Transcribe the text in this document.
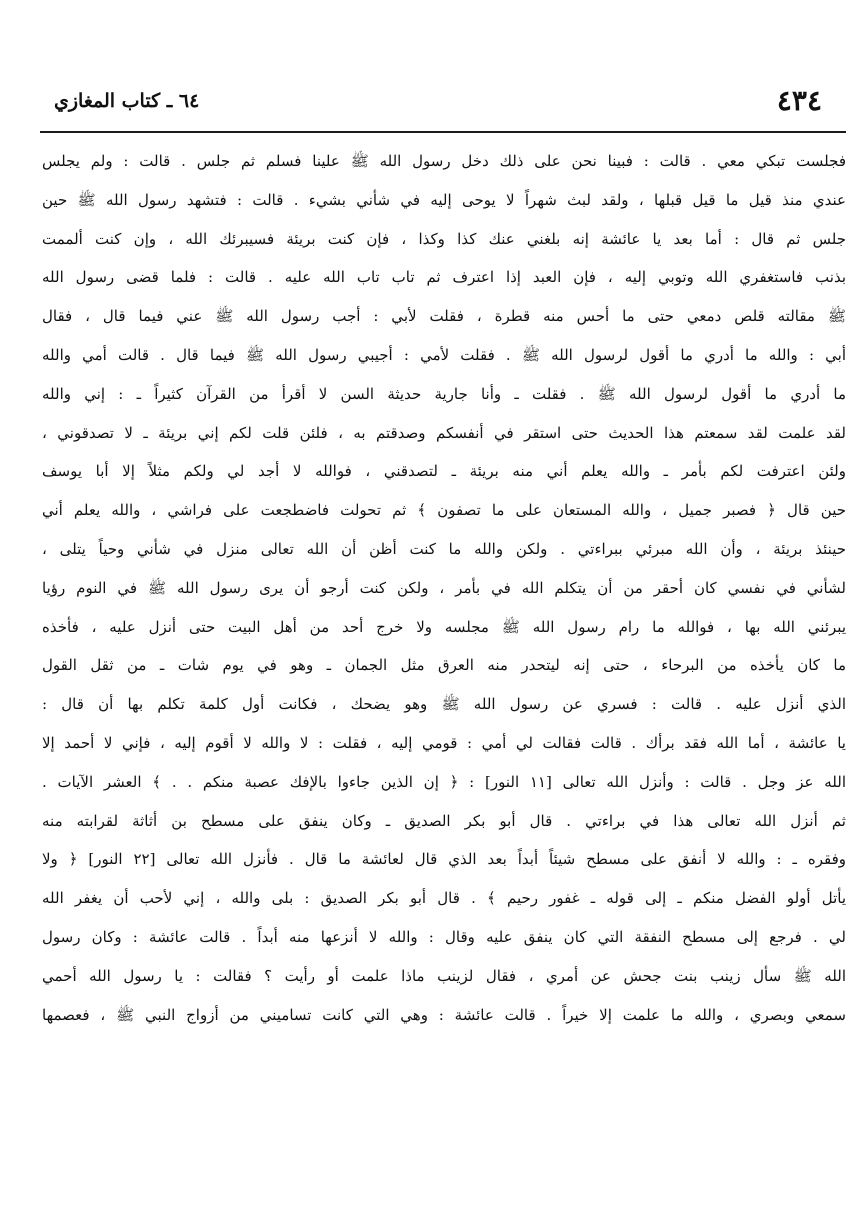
٦٤ ـ كتاب المغازي	٤٣٤
فجلست تبكي معي . قالت : فبينا نحن على ذلك دخل رسول الله ﷺ علينا فسلم ثم جلس . قالت : ولم يجلس
عندي منذ قيل ما قيل قبلها ، ولقد لبث شهراً لا يوحى إليه في شأني بشيء . قالت : فتشهد رسول الله ﷺ حين
جلس ثم قال : أما بعد يا عائشة إنه بلغني عنك كذا وكذا ، فإن كنت بريئة فسيبرئك الله ، وإن كنت ألممت
بذنب فاستغفري الله وتوبي إليه ، فإن العبد إذا اعترف ثم تاب تاب الله عليه . قالت : فلما قضى رسول الله
ﷺ مقالته قلص دمعي حتى ما أحس منه قطرة ، فقلت لأبي : أجب رسول الله ﷺ عني فيما قال ، فقال
أبي : والله ما أدري ما أقول لرسول الله ﷺ . فقلت لأمي : أجيبي رسول الله ﷺ فيما قال . قالت أمي والله
ما أدري ما أقول لرسول الله ﷺ . فقلت ـ وأنا جارية حديثة السن لا أقرأ من القرآن كثيراً ـ : إني والله
لقد علمت لقد سمعتم هذا الحديث حتى استقر في أنفسكم وصدقتم به ، فلئن قلت لكم إني بريئة ـ لا تصدقوني ،
ولئن اعترفت لكم بأمر ـ والله يعلم أني منه بريئة ـ لتصدقني ، فوالله لا أجد لي ولكم مثلاً إلا أبا يوسف
حين قال ﴿ فصبر جميل ، والله المستعان على ما تصفون ﴾ ثم تحولت فاضطجعت على فراشي ، والله يعلم أني
حينئذ بريئة ، وأن الله مبرئي ببراءتي . ولكن والله ما كنت أظن أن الله تعالى منزل في شأني وحياً يتلى ،
لشأني في نفسي كان أحقر من أن يتكلم الله في بأمر ، ولكن كنت أرجو أن يرى رسول الله ﷺ في النوم رؤيا
يبرئني الله بها ، فوالله ما رام رسول الله ﷺ مجلسه ولا خرج أحد من أهل البيت حتى أنزل عليه ، فأخذه
ما كان يأخذه من البرحاء ، حتى إنه ليتحدر منه العرق مثل الجمان ـ وهو في يوم شات ـ من ثقل القول
الذي أنزل عليه . قالت : فسري عن رسول الله ﷺ وهو يضحك ، فكانت أول كلمة تكلم بها أن قال :
يا عائشة ، أما الله فقد برأك . قالت فقالت لي أمي : قومي إليه ، فقلت : لا والله لا أقوم إليه ، فإني لا أحمد إلا
الله عز وجل . قالت : وأنزل الله تعالى [١١ النور] : ﴿ إن الذين جاءوا بالإفك عصبة منكم . . ﴾ العشر الآيات .
ثم أنزل الله تعالى هذا في براءتي . قال أبو بكر الصديق ـ وكان ينفق على مسطح بن أثاثة لقرابته منه
وفقره ـ : والله لا أنفق على مسطح شيئاً أبداً بعد الذي قال لعائشة ما قال . فأنزل الله تعالى [٢٢ النور] ﴿ ولا
يأتل أولو الفضل منكم ـ إلى قوله ـ غفور رحيم ﴾ . قال أبو بكر الصديق : بلى والله ، إني لأحب أن يغفر الله
لي . فرجع إلى مسطح النفقة التي كان ينفق عليه وقال : والله لا أنزعها منه أبداً . قالت عائشة : وكان رسول
الله ﷺ سأل زينب بنت جحش عن أمري ، فقال لزينب ماذا علمت أو رأيت ؟ فقالت : يا رسول الله أحمي
سمعي وبصري ، والله ما علمت إلا خيراً . قالت عائشة : وهي التي كانت تساميني من أزواج النبي ﷺ ، فعصمها
